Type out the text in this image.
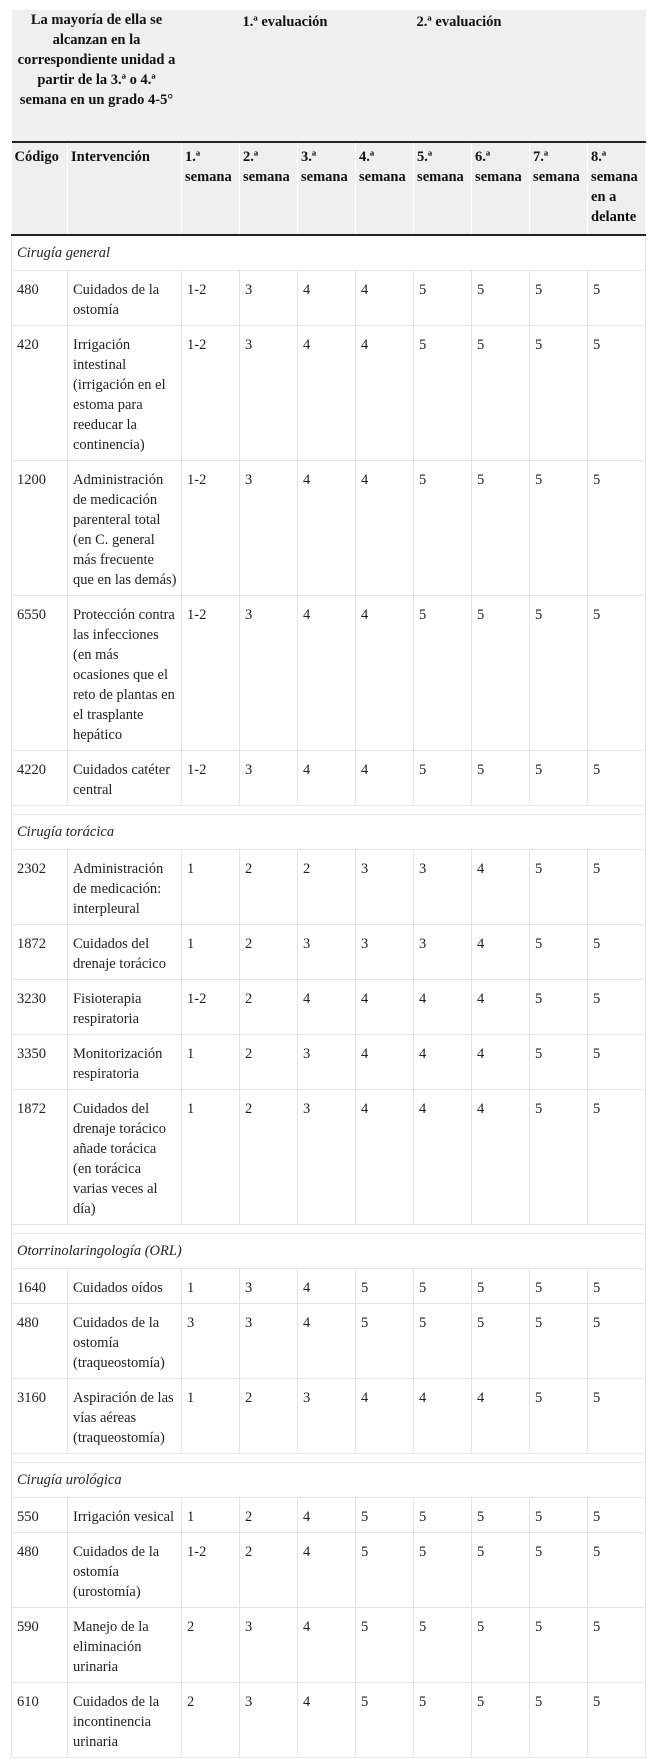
La mayoría de ella se alcanzan en la correspondiente unidad a partir de la 3.ª o 4.ª semana en un grado 4-5°		1.ª evaluación				2.ª evaluación			
Código	Intervención	1.ª semana	2.ª semana	3.ª semana	4.ª semana	5.ª semana	6.ª semana	7.ª semana	8.ª semana en a delante
Cirugía general									
480	Cuidados de la ostomía	1-2	3	4	4	5	5	5	5
420	Irrigación intestinal (irrigación en el estoma para reeducar la continencia)	1-2	3	4	4	5	5	5	5
1200	Administración de medicación parenteral total (en C. general más frecuente que en las demás)	1-2	3	4	4	5	5	5	5
6550	Protección contra las infecciones (en más ocasiones que el reto de plantas en el trasplante hepático	1-2	3	4	4	5	5	5	5
4220	Cuidados catéter central	1-2	3	4	4	5	5	5	5

Cirugía torácica									
2302	Administración de medicación: interpleural	1	2	2	3	3	4	5	5
1872	Cuidados del drenaje torácico	1	2	3	3	3	4	5	5
3230	Fisioterapia respiratoria	1-2	2	4	4	4	4	5	5
3350	Monitorización respiratoria	1	2	3	4	4	4	5	5
1872	Cuidados del drenaje torácico añade torácica (en torácica varias veces al día)	1	2	3	4	4	4	5	5

Otorrinolaringología (ORL)									
1640	Cuidados oídos	1	3	4	5	5	5	5	5
480	Cuidados de la ostomía (traqueostomía)	3	3	4	5	5	5	5	5
3160	Aspiración de las vías aéreas (traqueostomía)	1	2	3	4	4	4	5	5

Cirugía urológica									
550	Irrigación vesical	1	2	4	5	5	5	5	5
480	Cuidados de la ostomía (urostomía)	1-2	2	4	5	5	5	5	5
590	Manejo de la eliminación urinaria	2	3	4	5	5	5	5	5
610	Cuidados de la incontinencia urinaria	2	3	4	5	5	5	5	5
